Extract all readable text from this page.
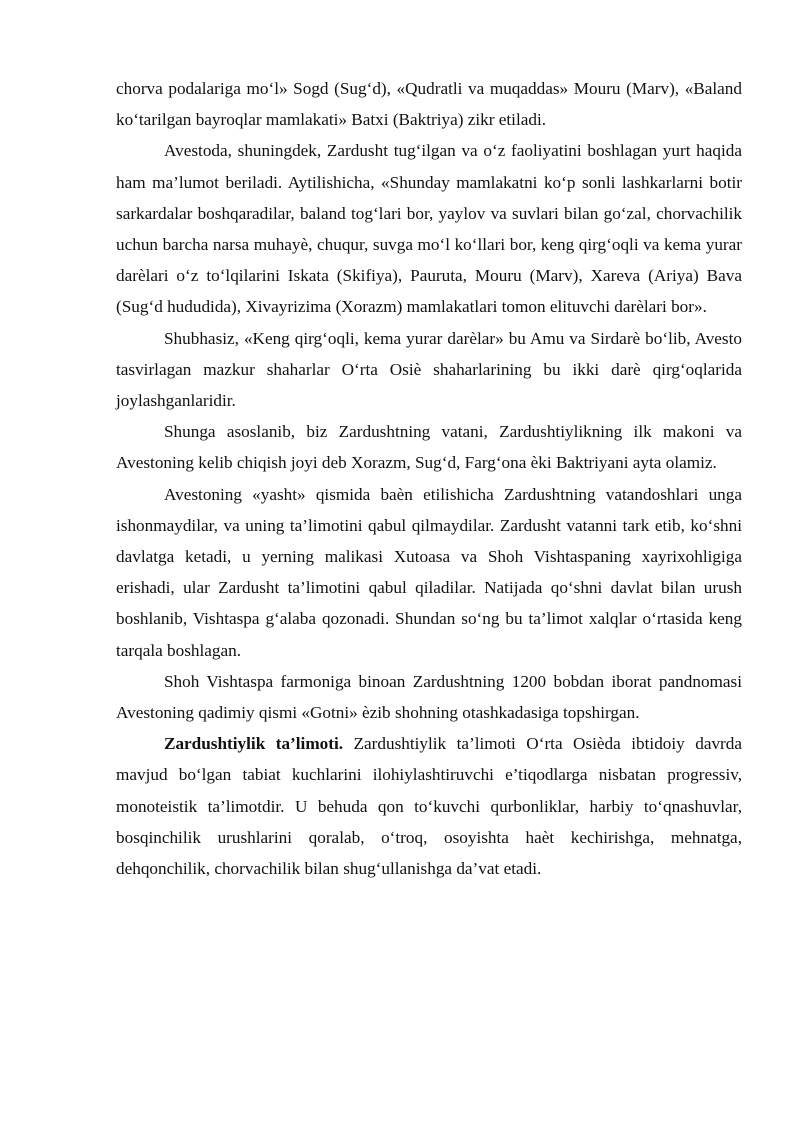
chorva podalariga mo‘l» Sogd (Sug‘d), «Qudratli va muqaddas» Mouru (Marv), «Baland ko‘tarilgan bayroqlar mamlakati» Batxi (Baktriya) zikr etiladi.

Avestoda, shuningdek, Zardusht tug‘ilgan va o‘z faoliyatini boshlagan yurt haqida ham ma’lumot beriladi. Aytilishicha, «Shunday mamlakatni ko‘p sonli lashkarlarni botir sarkardalar boshqaradilar, baland tog‘lari bor, yaylov va suvlari bilan go‘zal, chorvachilik uchun barcha narsa muhayè, chuqur, suvga mo‘l ko‘llari bor, keng qirg‘oqli va kema yurar darèlari o‘z to‘lqilarini Iskata (Skifiya), Pauruta, Mouru (Marv), Xareva (Ariya) Bava (Sug‘d hududida), Xivayrizima (Xorazm) mamlakatlari tomon elituvchi darèlari bor».

Shubhasiz, «Keng qirg‘oqli, kema yurar darèlar» bu Amu va Sirdarè bo‘lib, Avesto tasvirlagan mazkur shaharlar O‘rta Osiè shaharlarining bu ikki darè qirg‘oqlarida joylashganlaridir.

Shunga asoslanib, biz Zardushtning vatani, Zardushtiylikning ilk makoni va Avestoning kelib chiqish joyi deb Xorazm, Sug‘d, Farg‘ona èki Baktriyani ayta olamiz.

Avestoning «yasht» qismida baèn etilishicha Zardushtning vatandoshlari unga ishonmaydilar, va uning ta’limotini qabul qilmaydilar. Zardusht vatanni tark etib, ko‘shni davlatga ketadi, u yerning malikasi Xutoasa va Shoh Vishtaspaning xayrixohligiga erishadi, ular Zardusht ta’limotini qabul qiladilar. Natijada qo‘shni davlat bilan urush boshlanib, Vishtaspa g‘alaba qozonadi. Shundan so‘ng bu ta’limot xalqlar o‘rtasida keng tarqala boshlagan.

Shoh Vishtaspa farmoniga binoan Zardushtning 1200 bobdan iborat pandnomasi Avestoning qadimiy qismi «Gotni» èzib shohning otashkadasiga topshirgan.

Zardushtiylik ta’limoti. Zardushtiylik ta’limoti O‘rta Osièda ibtidoiy davrda mavjud bo‘lgan tabiat kuchlarini ilohiylashtiruvchi e’tiqodlarga nisbatan progressiv, monoteistik ta’limotdir. U behuda qon to‘kuvchi qurbonliklar, harbiy to‘qnashuvlar, bosqinchilik urushlarini qoralab, o‘troq, osoyishta haèt kechirishga, mehnatga, dehqonchilik, chorvachilik bilan shug‘ullanishga da’vat etadi.
